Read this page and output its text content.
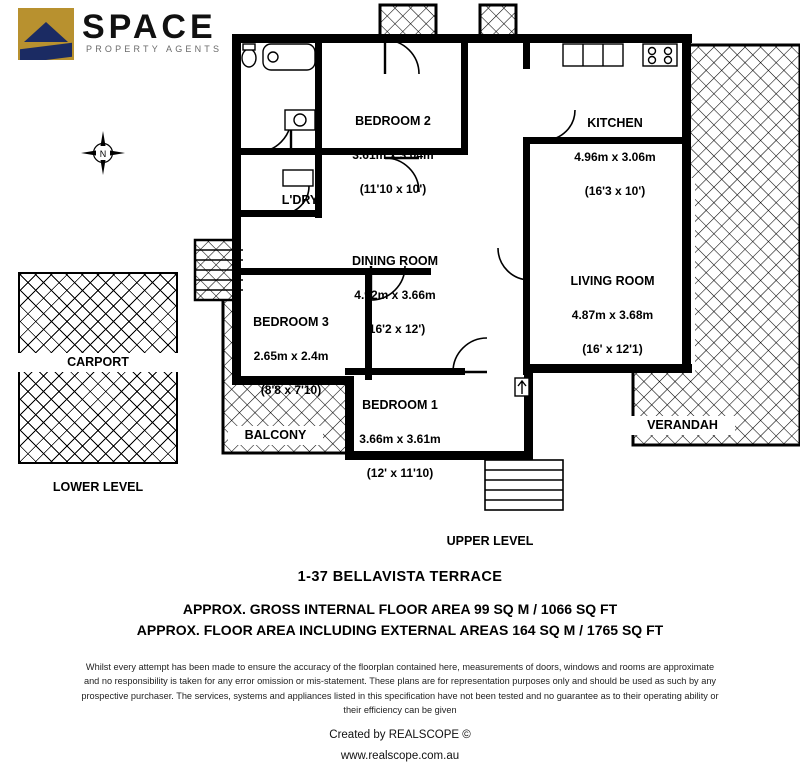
SPACE
PROPERTY AGENTS
N
CARPORT
LOWER LEVEL

BEDROOM 2

3.61m x 3.04m

(11'10 x 10')

KITCHEN

4.96m x 3.06m

(16'3 x 10')

L'DRY

DINING ROOM

4.92m x 3.66m

(16'2 x 12')

LIVING ROOM

4.87m x 3.68m

(16' x 12'1)

BEDROOM 3

2.65m x 2.4m

(8'8 x 7'10)

BEDROOM 1

3.66m x 3.61m

(12' x 11'10)

BALCONY
VERANDAH
UPPER LEVEL
1-37 BELLAVISTA TERRACE
APPROX. GROSS INTERNAL FLOOR AREA 99 SQ M / 1066 SQ FT
APPROX. FLOOR AREA INCLUDING EXTERNAL AREAS 164 SQ M / 1765 SQ FT
Whilst every attempt has been made to ensure the accuracy of the floorplan contained here, measurements of doors, windows and rooms are approximate and no responsibility is taken for any error omission or mis-statement. These plans are for representation purposes only and should be used as such by any prospective purchaser. The services, systems and appliances listed in this specification have not been tested and no guarantee as to their operating ability or their efficiency can be given
Created by REALSCOPE ©
www.realscope.com.au
